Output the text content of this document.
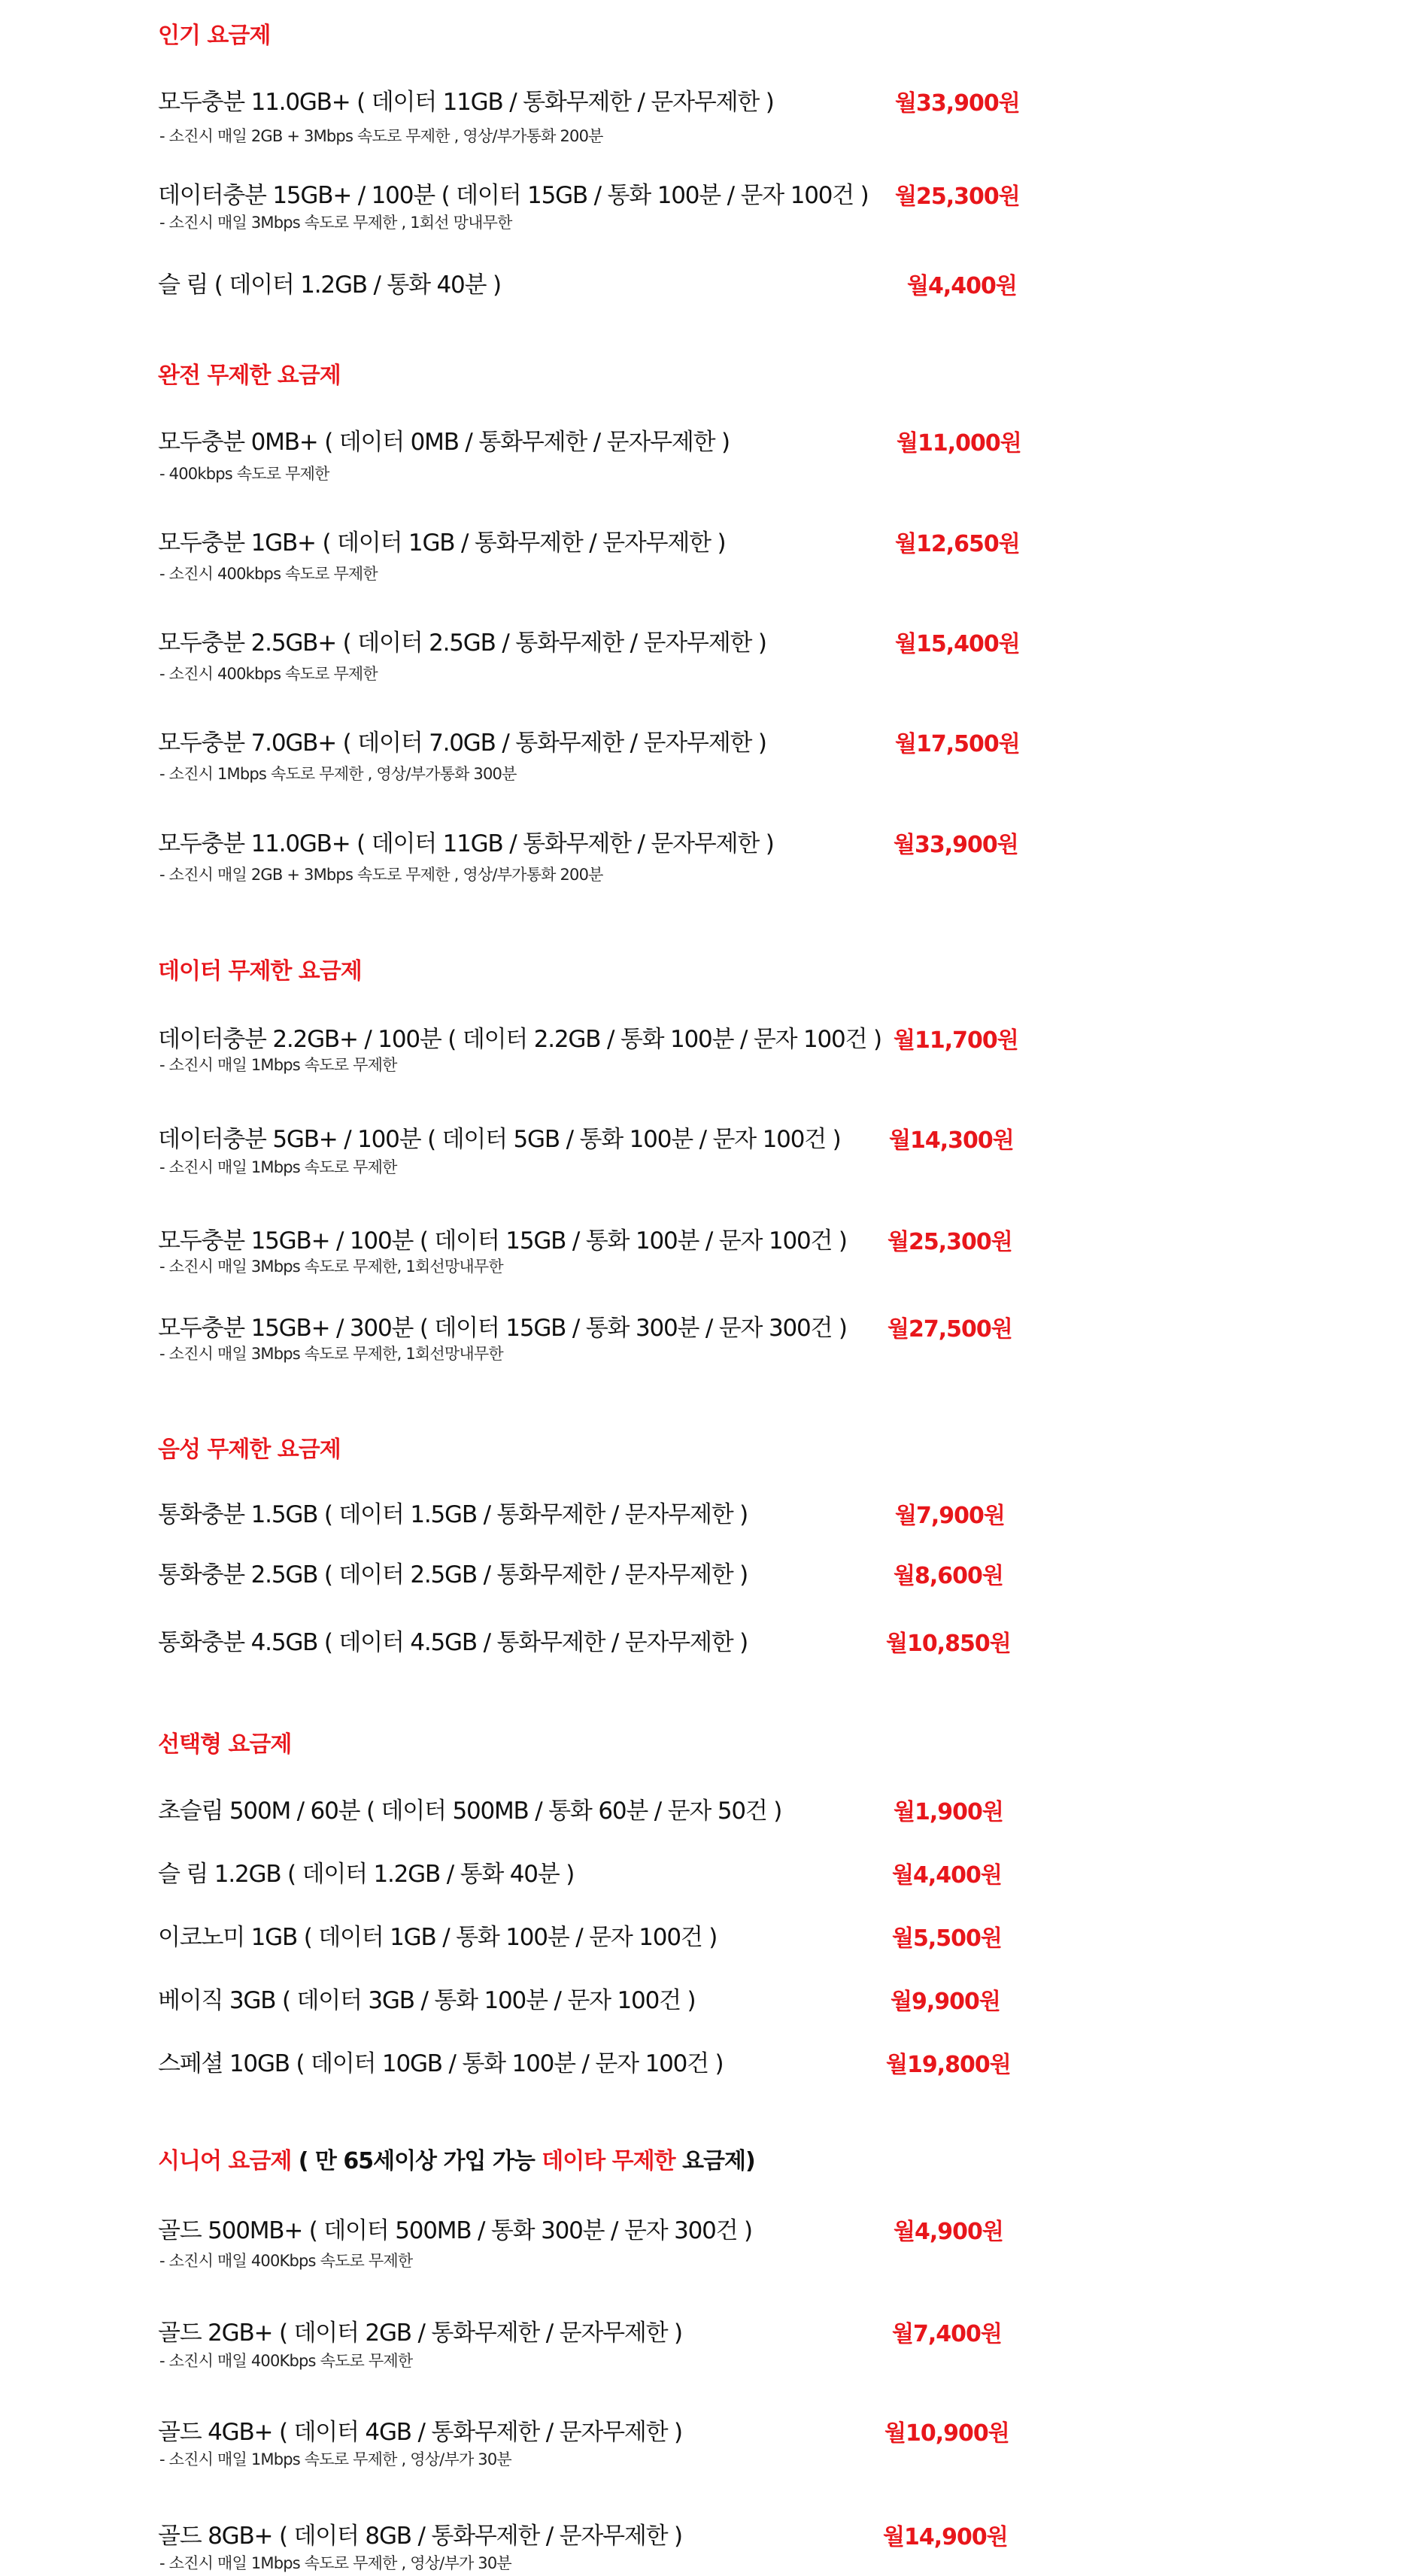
인기 요금제
모두충분 11.0GB+ ( 데이터 11GB / 통화무제한 / 문자무제한 )
- 소진시 매일 2GB + 3Mbps 속도로 무제한 , 영상/부가통화 200분
월33,900원
데이터충분 15GB+ / 100분 ( 데이터 15GB / 통화 100분 / 문자 100건 )
- 소진시 매일 3Mbps 속도로 무제한 , 1회선 망내무한
월25,300원
슬 림 ( 데이터 1.2GB / 통화 40분 )	월4,400원
완전 무제한 요금제
모두충분 0MB+ ( 데이터 0MB / 통화무제한 / 문자무제한 )
- 400kbps 속도로 무제한
월11,000원
모두충분 1GB+ ( 데이터 1GB / 통화무제한 / 문자무제한 )
- 소진시 400kbps 속도로 무제한
월12,650원
모두충분 2.5GB+ ( 데이터 2.5GB / 통화무제한 / 문자무제한 )
- 소진시 400kbps 속도로 무제한
월15,400원
모두충분 7.0GB+ ( 데이터 7.0GB / 통화무제한 / 문자무제한 )
- 소진시 1Mbps 속도로 무제한 , 영상/부가통화 300분
월17,500원
모두충분 11.0GB+ ( 데이터 11GB / 통화무제한 / 문자무제한 )
- 소진시 매일 2GB + 3Mbps 속도로 무제한 , 영상/부가통화 200분
월33,900원
데이터 무제한 요금제
데이터충분 2.2GB+ / 100분 ( 데이터 2.2GB / 통화 100분 / 문자 100건 )
- 소진시 매일 1Mbps 속도로 무제한
월11,700원
데이터충분 5GB+ / 100분 ( 데이터 5GB / 통화 100분 / 문자 100건 )
- 소진시 매일 1Mbps 속도로 무제한
월14,300원
모두충분 15GB+ / 100분 ( 데이터 15GB / 통화 100분 / 문자 100건 )
- 소진시 매일 3Mbps 속도로 무제한, 1회선망내무한
월25,300원
모두충분 15GB+ / 300분 ( 데이터 15GB / 통화 300분 / 문자 300건 )
- 소진시 매일 3Mbps 속도로 무제한, 1회선망내무한
월27,500원
음성 무제한 요금제
통화충분 1.5GB ( 데이터 1.5GB / 통화무제한 / 문자무제한 )	월7,900원
통화충분 2.5GB ( 데이터 2.5GB / 통화무제한 / 문자무제한 )	월8,600원
통화충분 4.5GB ( 데이터 4.5GB / 통화무제한 / 문자무제한 )	월10,850원
선택형 요금제
초슬림 500M / 60분 ( 데이터 500MB / 통화 60분 / 문자 50건 )	월1,900원
슬 림 1.2GB ( 데이터 1.2GB / 통화 40분 )	월4,400원
이코노미 1GB ( 데이터 1GB / 통화 100분 / 문자 100건 )	월5,500원
베이직 3GB ( 데이터 3GB / 통화 100분 / 문자 100건 )	월9,900원
스페셜 10GB ( 데이터 10GB / 통화 100분 / 문자 100건 )	월19,800원
시니어 요금제 ( 만 65세이상 가입 가능 데이타 무제한 요금제)
골드 500MB+ ( 데이터 500MB / 통화 300분 / 문자 300건 )
- 소진시 매일 400Kbps 속도로 무제한
월4,900원
골드 2GB+ ( 데이터 2GB / 통화무제한 / 문자무제한 )
- 소진시 매일 400Kbps 속도로 무제한
월7,400원
골드 4GB+ ( 데이터 4GB / 통화무제한 / 문자무제한 )
- 소진시 매일 1Mbps 속도로 무제한 , 영상/부가 30분
월10,900원
골드 8GB+ ( 데이터 8GB / 통화무제한 / 문자무제한 )
- 소진시 매일 1Mbps 속도로 무제한 , 영상/부가 30분
월14,900원
